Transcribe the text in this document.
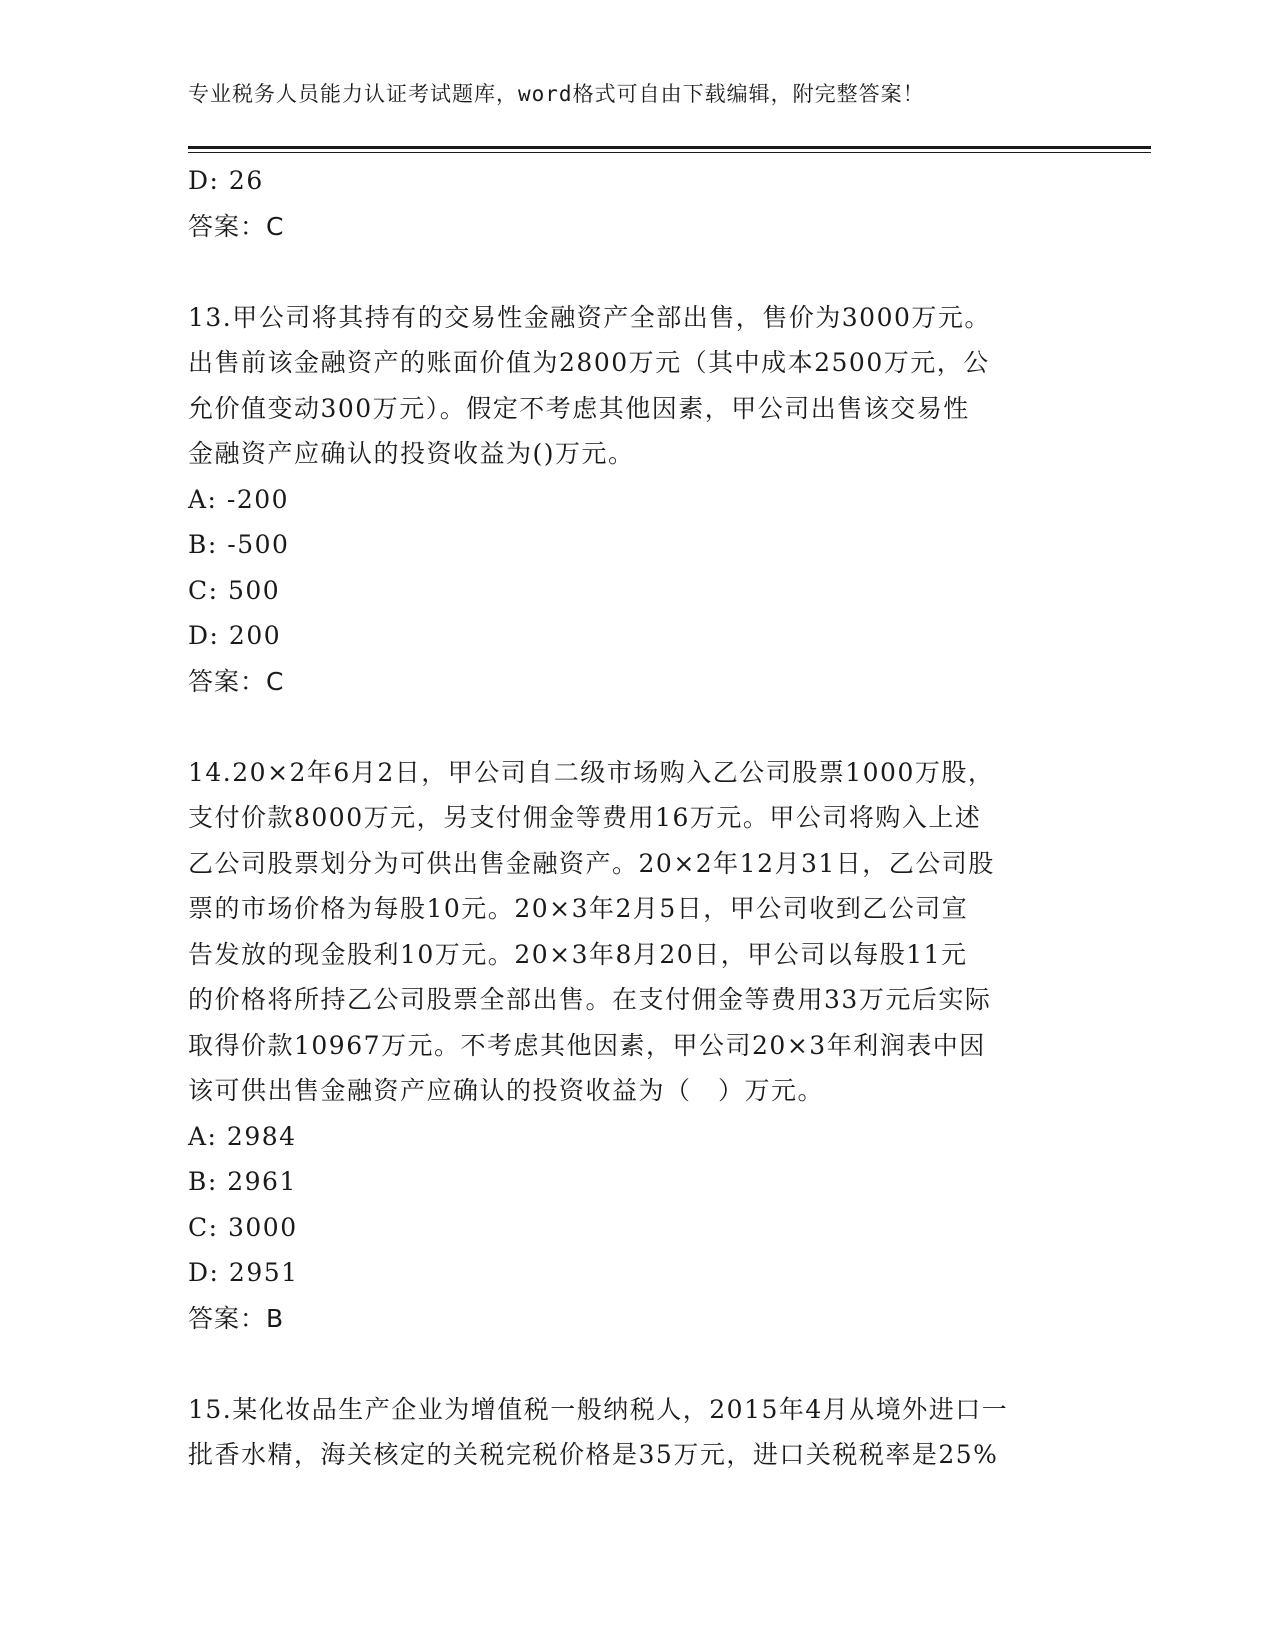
专业税务人员能力认证考试题库，word格式可自由下载编辑，附完整答案！
D: 26
答案：C
13.甲公司将其持有的交易性金融资产全部出售，售价为3000万元。
出售前该金融资产的账面价值为2800万元（其中成本2500万元，公
允价值变动300万元）。假定不考虑其他因素，甲公司出售该交易性
金融资产应确认的投资收益为()万元。
A: -200
B: -500
C: 500
D: 200
答案：C
14.20×2年6月2日，甲公司自二级市场购入乙公司股票1000万股，
支付价款8000万元，另支付佣金等费用16万元。甲公司将购入上述
乙公司股票划分为可供出售金融资产。20×2年12月31日，乙公司股
票的市场价格为每股10元。20×3年2月5日，甲公司收到乙公司宣
告发放的现金股利10万元。20×3年8月20日，甲公司以每股11元
的价格将所持乙公司股票全部出售。在支付佣金等费用33万元后实际
取得价款10967万元。不考虑其他因素，甲公司20×3年利润表中因
该可供出售金融资产应确认的投资收益为（　）万元。
A: 2984
B: 2961
C: 3000
D: 2951
答案：B
15.某化妆品生产企业为增值税一般纳税人，2015年4月从境外进口一
批香水精，海关核定的关税完税价格是35万元，进口关税税率是25%
